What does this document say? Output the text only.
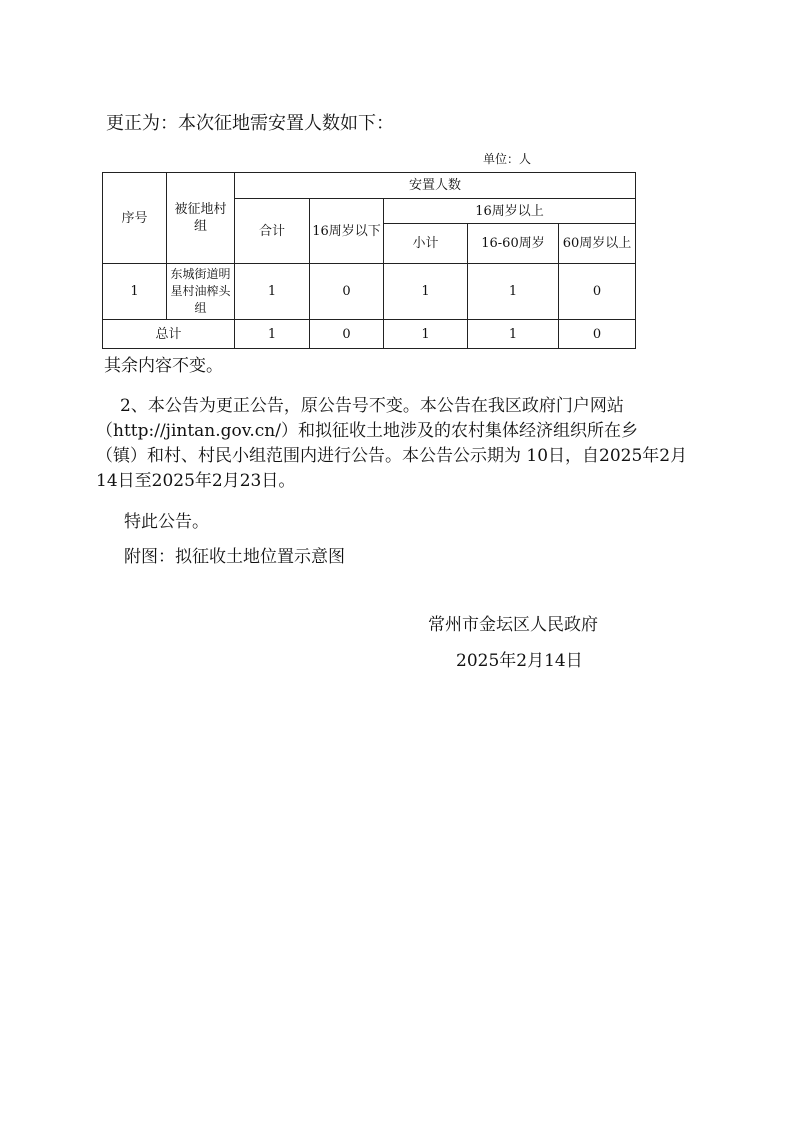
更正为：本次征地需安置人数如下：
单位：人
序号	被征地村组	安置人数				
		合计	16周岁以下	16周岁以上		
				小计	16-60周岁	60周岁以上
1	东城街道明星村油榨头组	1	0	1	1	0
总计		1	0	1	1	0
其余内容不变。
2、本公告为更正公告，原公告号不变。本公告在我区政府门户网站
（http://jintan.gov.cn/）和拟征收土地涉及的农村集体经济组织所在乡
（镇）和村、村民小组范围内进行公告。本公告公示期为 10日，自2025年2月
14日至2025年2月23日。
特此公告。
附图：拟征收土地位置示意图
常州市金坛区人民政府
2025年2月14日
